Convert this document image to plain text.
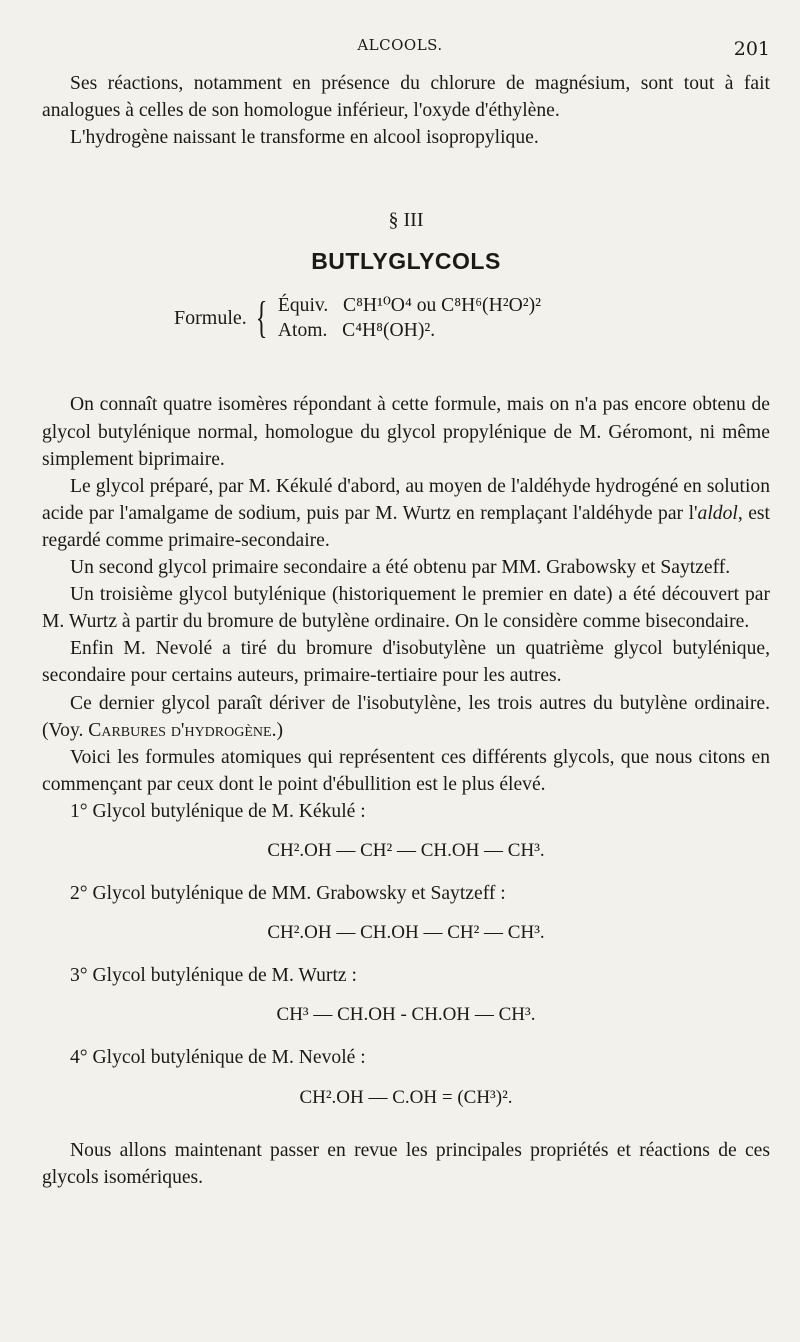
ALCOOLS.	201

Ses réactions, notamment en présence du chlorure de magnésium, sont tout à fait analogues à celles de son homologue inférieur, l'oxyde d'éthylène.

L'hydrogène naissant le transforme en alcool isopropylique.

§ III
BUTLYGLYCOLS
Formule. { Équiv.   C⁸H¹⁰O⁴ ou C⁸H⁶(H²O²)²
Atom.   C⁴H⁸(OH)².

On connaît quatre isomères répondant à cette formule, mais on n'a pas encore obtenu de glycol butylénique normal, homologue du glycol propylénique de M. Géromont, ni même simplement biprimaire.

Le glycol préparé, par M. Kékulé d'abord, au moyen de l'aldéhyde hydrogéné en solution acide par l'amalgame de sodium, puis par M. Wurtz en remplaçant l'aldéhyde par l'aldol, est regardé comme primaire-secondaire.

Un second glycol primaire secondaire a été obtenu par MM. Grabowsky et Saytzeff.

Un troisième glycol butylénique (historiquement le premier en date) a été découvert par M. Wurtz à partir du bromure de butylène ordinaire. On le considère comme bisecondaire.

Enfin M. Nevolé a tiré du bromure d'isobutylène un quatrième glycol butylénique, secondaire pour certains auteurs, primaire-tertiaire pour les autres.

Ce dernier glycol paraît dériver de l'isobutylène, les trois autres du butylène ordinaire. (Voy. Carbures d'hydrogène.)

Voici les formules atomiques qui représentent ces différents glycols, que nous citons en commençant par ceux dont le point d'ébullition est le plus élevé.

1° Glycol butylénique de M. Kékulé :

CH².OH — CH² — CH.OH — CH³.

2° Glycol butylénique de MM. Grabowsky et Saytzeff :

CH².OH — CH.OH — CH² — CH³.

3° Glycol butylénique de M. Wurtz :

CH³ — CH.OH - CH.OH — CH³.

4° Glycol butylénique de M. Nevolé :

CH².OH — C.OH = (CH³)².

Nous allons maintenant passer en revue les principales propriétés et réactions de ces glycols isomériques.
